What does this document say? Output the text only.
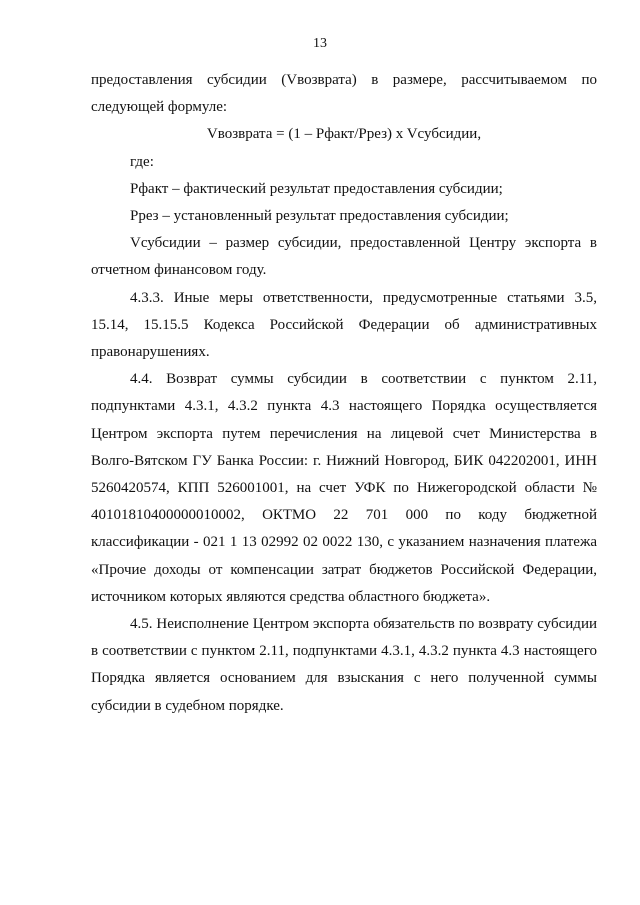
13

предоставления субсидии (Vвозврата) в размере, рассчитываемом по следующей формуле:

Vвозврата = (1 – Рфакт/Ррез) x Vсубсидии,

где:

Рфакт – фактический результат предоставления субсидии;

Ррез – установленный результат предоставления субсидии;

Vсубсидии – размер субсидии, предоставленной Центру экспорта в отчетном финансовом году.

4.3.3. Иные меры ответственности, предусмотренные статьями 3.5, 15.14, 15.15.5 Кодекса Российской Федерации об административных правонарушениях.

4.4. Возврат суммы субсидии в соответствии с пунктом 2.11, подпунктами 4.3.1, 4.3.2 пункта 4.3 настоящего Порядка осуществляется Центром экспорта путем перечисления на лицевой счет Министерства в Волго-Вятском ГУ Банка России: г. Нижний Новгород, БИК 042202001, ИНН 5260420574, КПП 526001001, на счет УФК по Нижегородской области № 40101810400000010002, ОКТМО 22 701 000 по коду бюджетной классификации - 021 1 13 02992 02 0022 130, с указанием назначения платежа «Прочие доходы от компенсации затрат бюджетов Российской Федерации, источником которых являются средства областного бюджета».

4.5. Неисполнение Центром экспорта обязательств по возврату субсидии в соответствии с пунктом 2.11, подпунктами 4.3.1, 4.3.2 пункта 4.3 настоящего Порядка является основанием для взыскания с него полученной суммы субсидии в судебном порядке.
